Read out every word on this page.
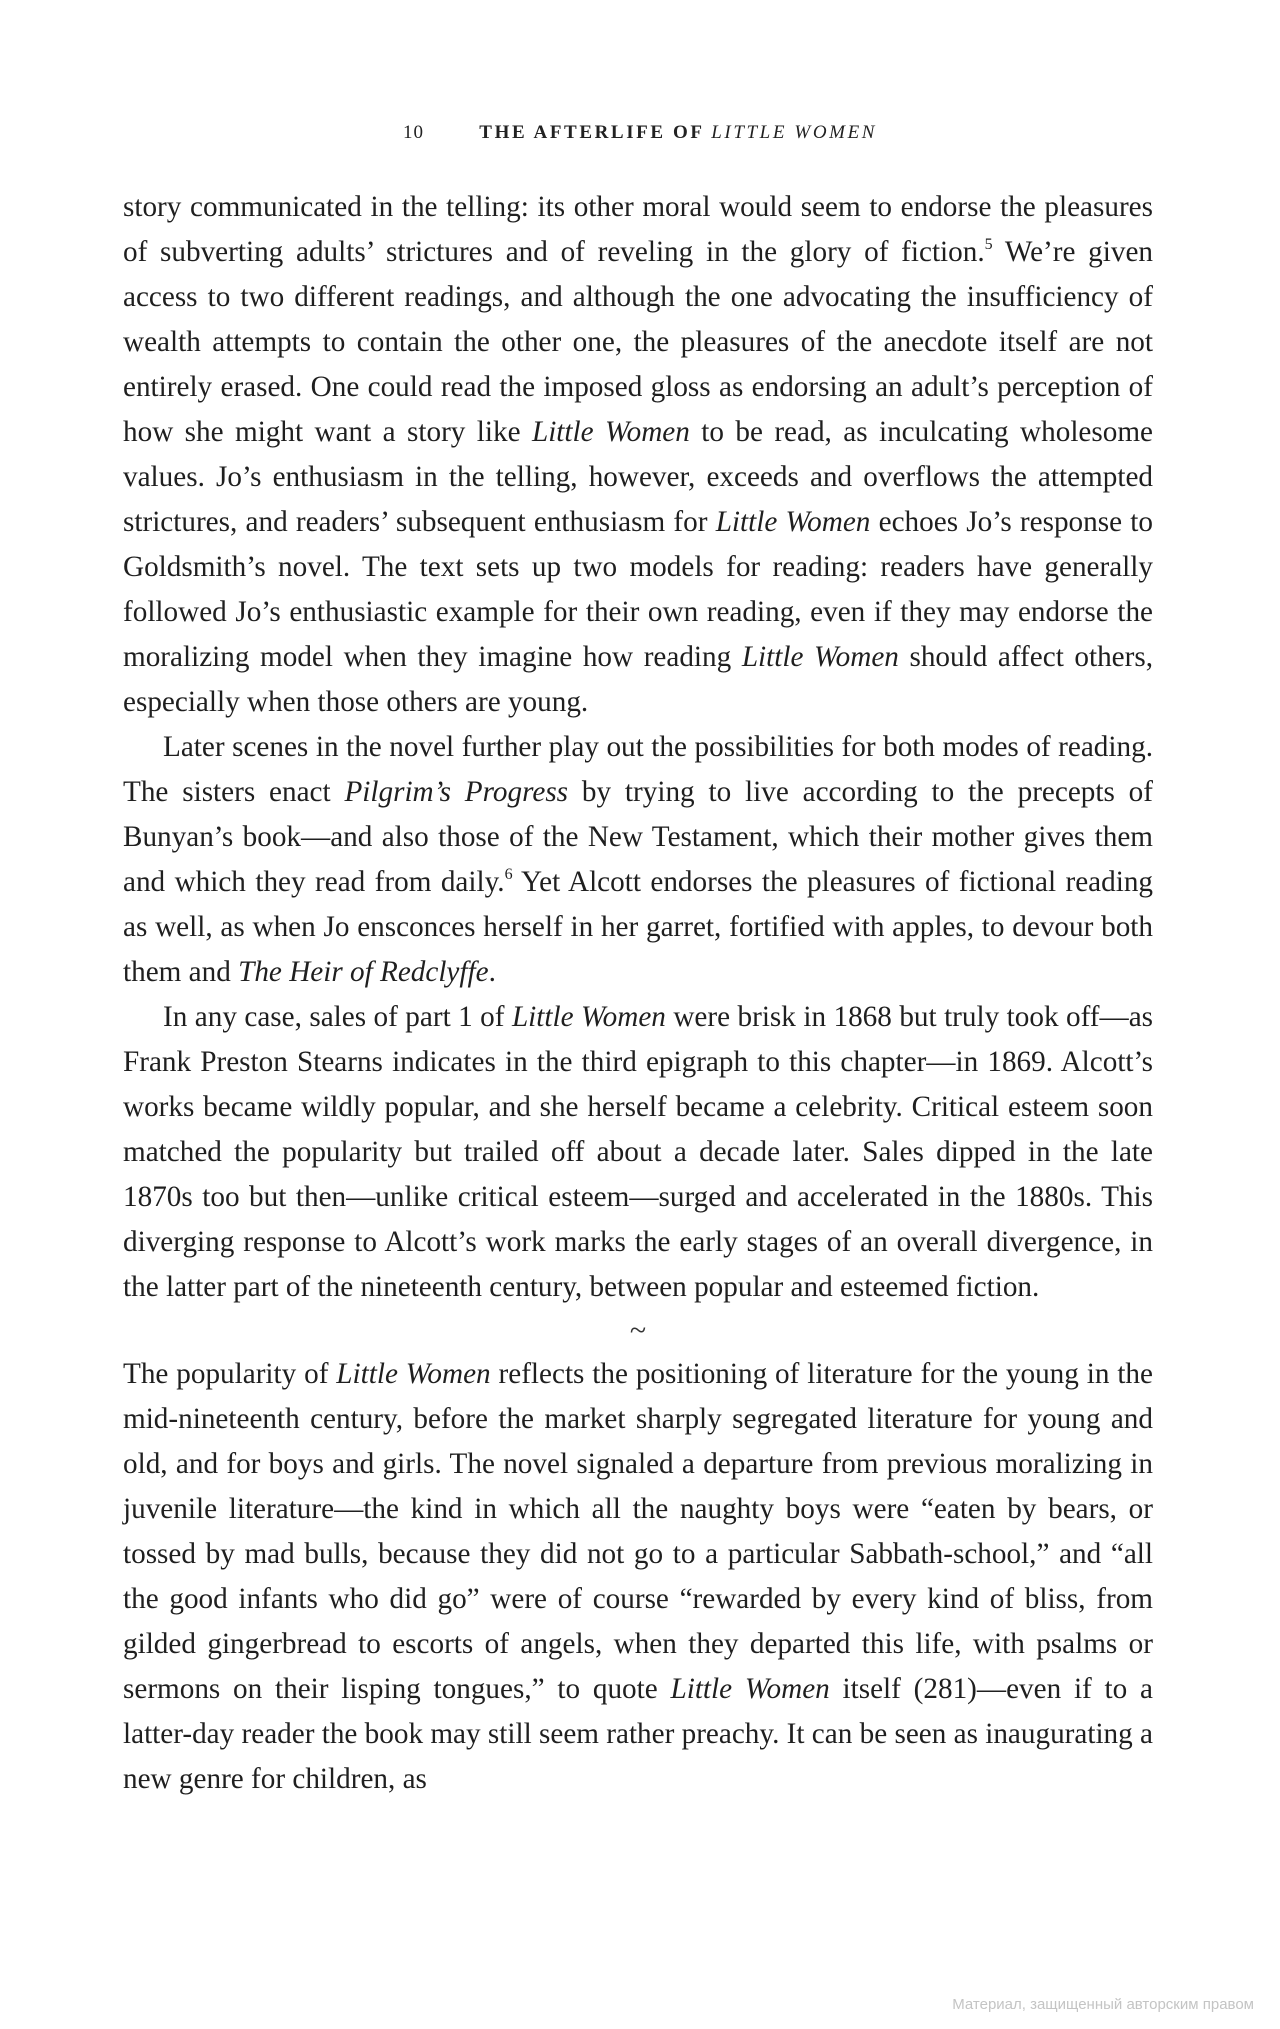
10	THE AFTERLIFE OF LITTLE WOMEN

story communicated in the telling: its other moral would seem to endorse the pleasures of subverting adults’ strictures and of reveling in the glory of fiction.$^5$ We’re given access to two different readings, and although the one advocating the insufficiency of wealth attempts to contain the other one, the pleasures of the anecdote itself are not entirely erased. One could read the imposed gloss as endorsing an adult’s perception of how she might want a story like Little Women to be read, as inculcating wholesome values. Jo’s enthusiasm in the telling, however, exceeds and overflows the attempted strictures, and readers’ subsequent enthusiasm for Little Women echoes Jo’s response to Goldsmith’s novel. The text sets up two models for reading: readers have generally followed Jo’s enthusiastic example for their own reading, even if they may endorse the moralizing model when they imagine how reading Little Women should affect others, especially when those others are young.

Later scenes in the novel further play out the possibilities for both modes of reading. The sisters enact Pilgrim’s Progress by trying to live according to the precepts of Bunyan’s book—and also those of the New Testament, which their mother gives them and which they read from daily.$^6$ Yet Alcott endorses the pleasures of fictional reading as well, as when Jo ensconces herself in her garret, fortified with apples, to devour both them and The Heir of Redclyffe.

In any case, sales of part 1 of Little Women were brisk in 1868 but truly took off—as Frank Preston Stearns indicates in the third epigraph to this chapter—in 1869. Alcott’s works became wildly popular, and she herself became a celebrity. Critical esteem soon matched the popularity but trailed off about a decade later. Sales dipped in the late 1870s too but then—unlike critical esteem—surged and accelerated in the 1880s. This diverging response to Alcott’s work marks the early stages of an overall divergence, in the latter part of the nineteenth century, between popular and esteemed fiction.

~

The popularity of Little Women reflects the positioning of literature for the young in the mid-nineteenth century, before the market sharply segregated literature for young and old, and for boys and girls. The novel signaled a departure from previous moralizing in juvenile literature—the kind in which all the naughty boys were “eaten by bears, or tossed by mad bulls, because they did not go to a particular Sabbath-school,” and “all the good infants who did go” were of course “rewarded by every kind of bliss, from gilded gingerbread to escorts of angels, when they departed this life, with psalms or sermons on their lisping tongues,” to quote Little Women itself (281)—even if to a latter-day reader the book may still seem rather preachy. It can be seen as inaugurating a new genre for children, as

Материал, защищенный авторским правом
